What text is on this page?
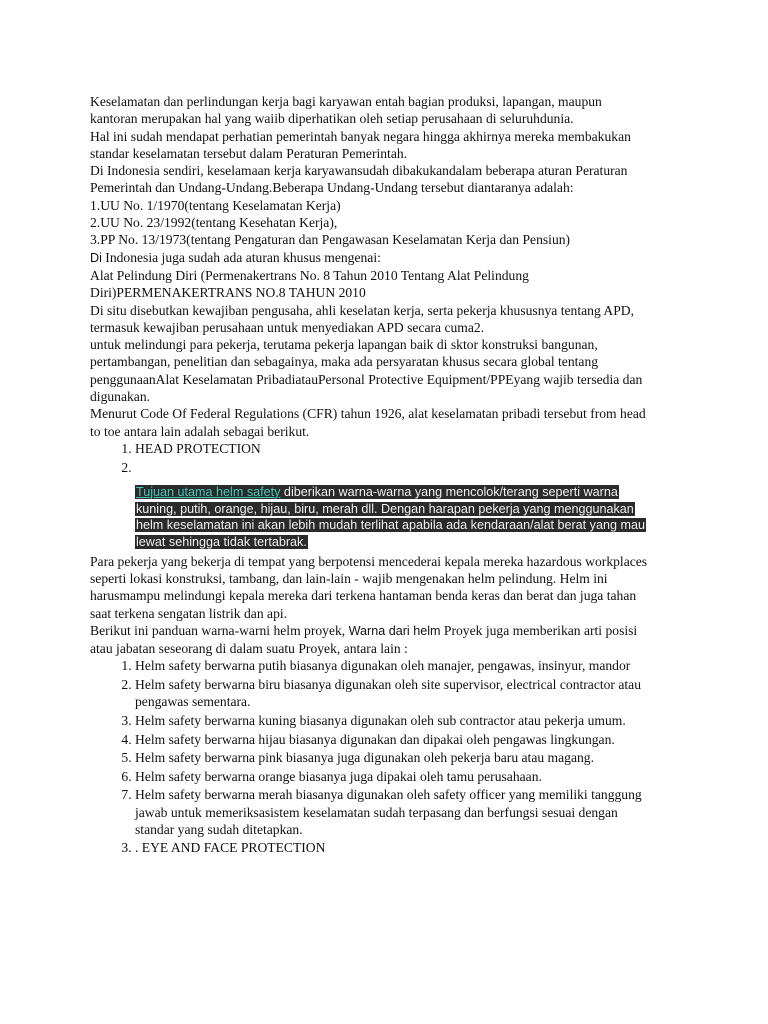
Keselamatan dan perlindungan kerja bagi karyawan entah bagian produksi, lapangan, maupun kantoran merupakan hal yang waiib diperhatikan oleh setiap perusahaan di seluruhdunia.

Hal ini sudah mendapat perhatian pemerintah banyak negara hingga akhirnya mereka membakukan standar keselamatan tersebut dalam Peraturan Pemerintah.

Di Indonesia sendiri, keselamaan kerja karyawansudah dibakukandalam beberapa aturan Peraturan Pemerintah dan Undang-Undang.Beberapa Undang-Undang tersebut diantaranya adalah:

1.UU No. 1/1970(tentang Keselamatan Kerja)

2.UU No. 23/1992(tentang Kesehatan Kerja),

3.PP No. 13/1973(tentang Pengaturan dan Pengawasan Keselamatan Kerja dan Pensiun)

Di Indonesia juga sudah ada aturan khusus mengenai:

Alat Pelindung Diri (Permenakertrans No. 8 Tahun 2010 Tentang Alat Pelindung Diri)PERMENAKERTRANS NO.8 TAHUN 2010

Di situ disebutkan kewajiban pengusaha, ahli keselatan kerja, serta pekerja khususnya tentang APD, termasuk kewajiban perusahaan untuk menyediakan APD secara cuma2.

untuk melindungi para pekerja, terutama pekerja lapangan baik di sktor konstruksi bangunan, pertambangan, penelitian dan sebagainya, maka ada persyaratan khusus secara global tentang penggunaanAlat Keselamatan PribadiatauPersonal Protective Equipment/PPEyang wajib tersedia dan digunakan.

Menurut Code Of Federal Regulations (CFR) tahun 1926, alat keselamatan pribadi tersebut from head to toe antara lain adalah sebagai berikut.

1. HEAD PROTECTION
2.
Tujuan utama helm safety diberikan warna-warna yang mencolok/terang seperti warna kuning, putih, orange, hijau, biru, merah dll. Dengan harapan pekerja yang menggunakan helm keselamatan ini akan lebih mudah terlihat apabila ada kendaraan/alat berat yang mau lewat sehingga tidak tertabrak.

Para pekerja yang bekerja di tempat yang berpotensi mencederai kepala mereka hazardous workplaces seperti lokasi konstruksi, tambang, dan lain-lain - wajib mengenakan helm pelindung. Helm ini harusmampu melindungi kepala mereka dari terkena hantaman benda keras dan berat dan juga tahan saat terkena sengatan listrik dan api.

Berikut ini panduan warna-warni helm proyek, Warna dari helm Proyek juga memberikan arti posisi atau jabatan seseorang di dalam suatu Proyek, antara lain :

1. Helm safety berwarna putih biasanya digunakan oleh manajer, pengawas, insinyur, mandor
2. Helm safety berwarna biru biasanya digunakan oleh site supervisor, electrical contractor atau pengawas sementara.
3. Helm safety berwarna kuning biasanya digunakan oleh sub contractor atau pekerja umum.
4. Helm safety berwarna hijau biasanya digunakan dan dipakai oleh pengawas lingkungan.
5. Helm safety berwarna pink biasanya juga digunakan oleh pekerja baru atau magang.
6. Helm safety berwarna orange biasanya juga dipakai oleh tamu perusahaan.
7. Helm safety berwarna merah biasanya digunakan oleh safety officer yang memiliki tanggung jawab untuk memeriksasistem keselamatan sudah terpasang dan berfungsi sesuai dengan standar yang sudah ditetapkan.
3. . EYE AND FACE PROTECTION
